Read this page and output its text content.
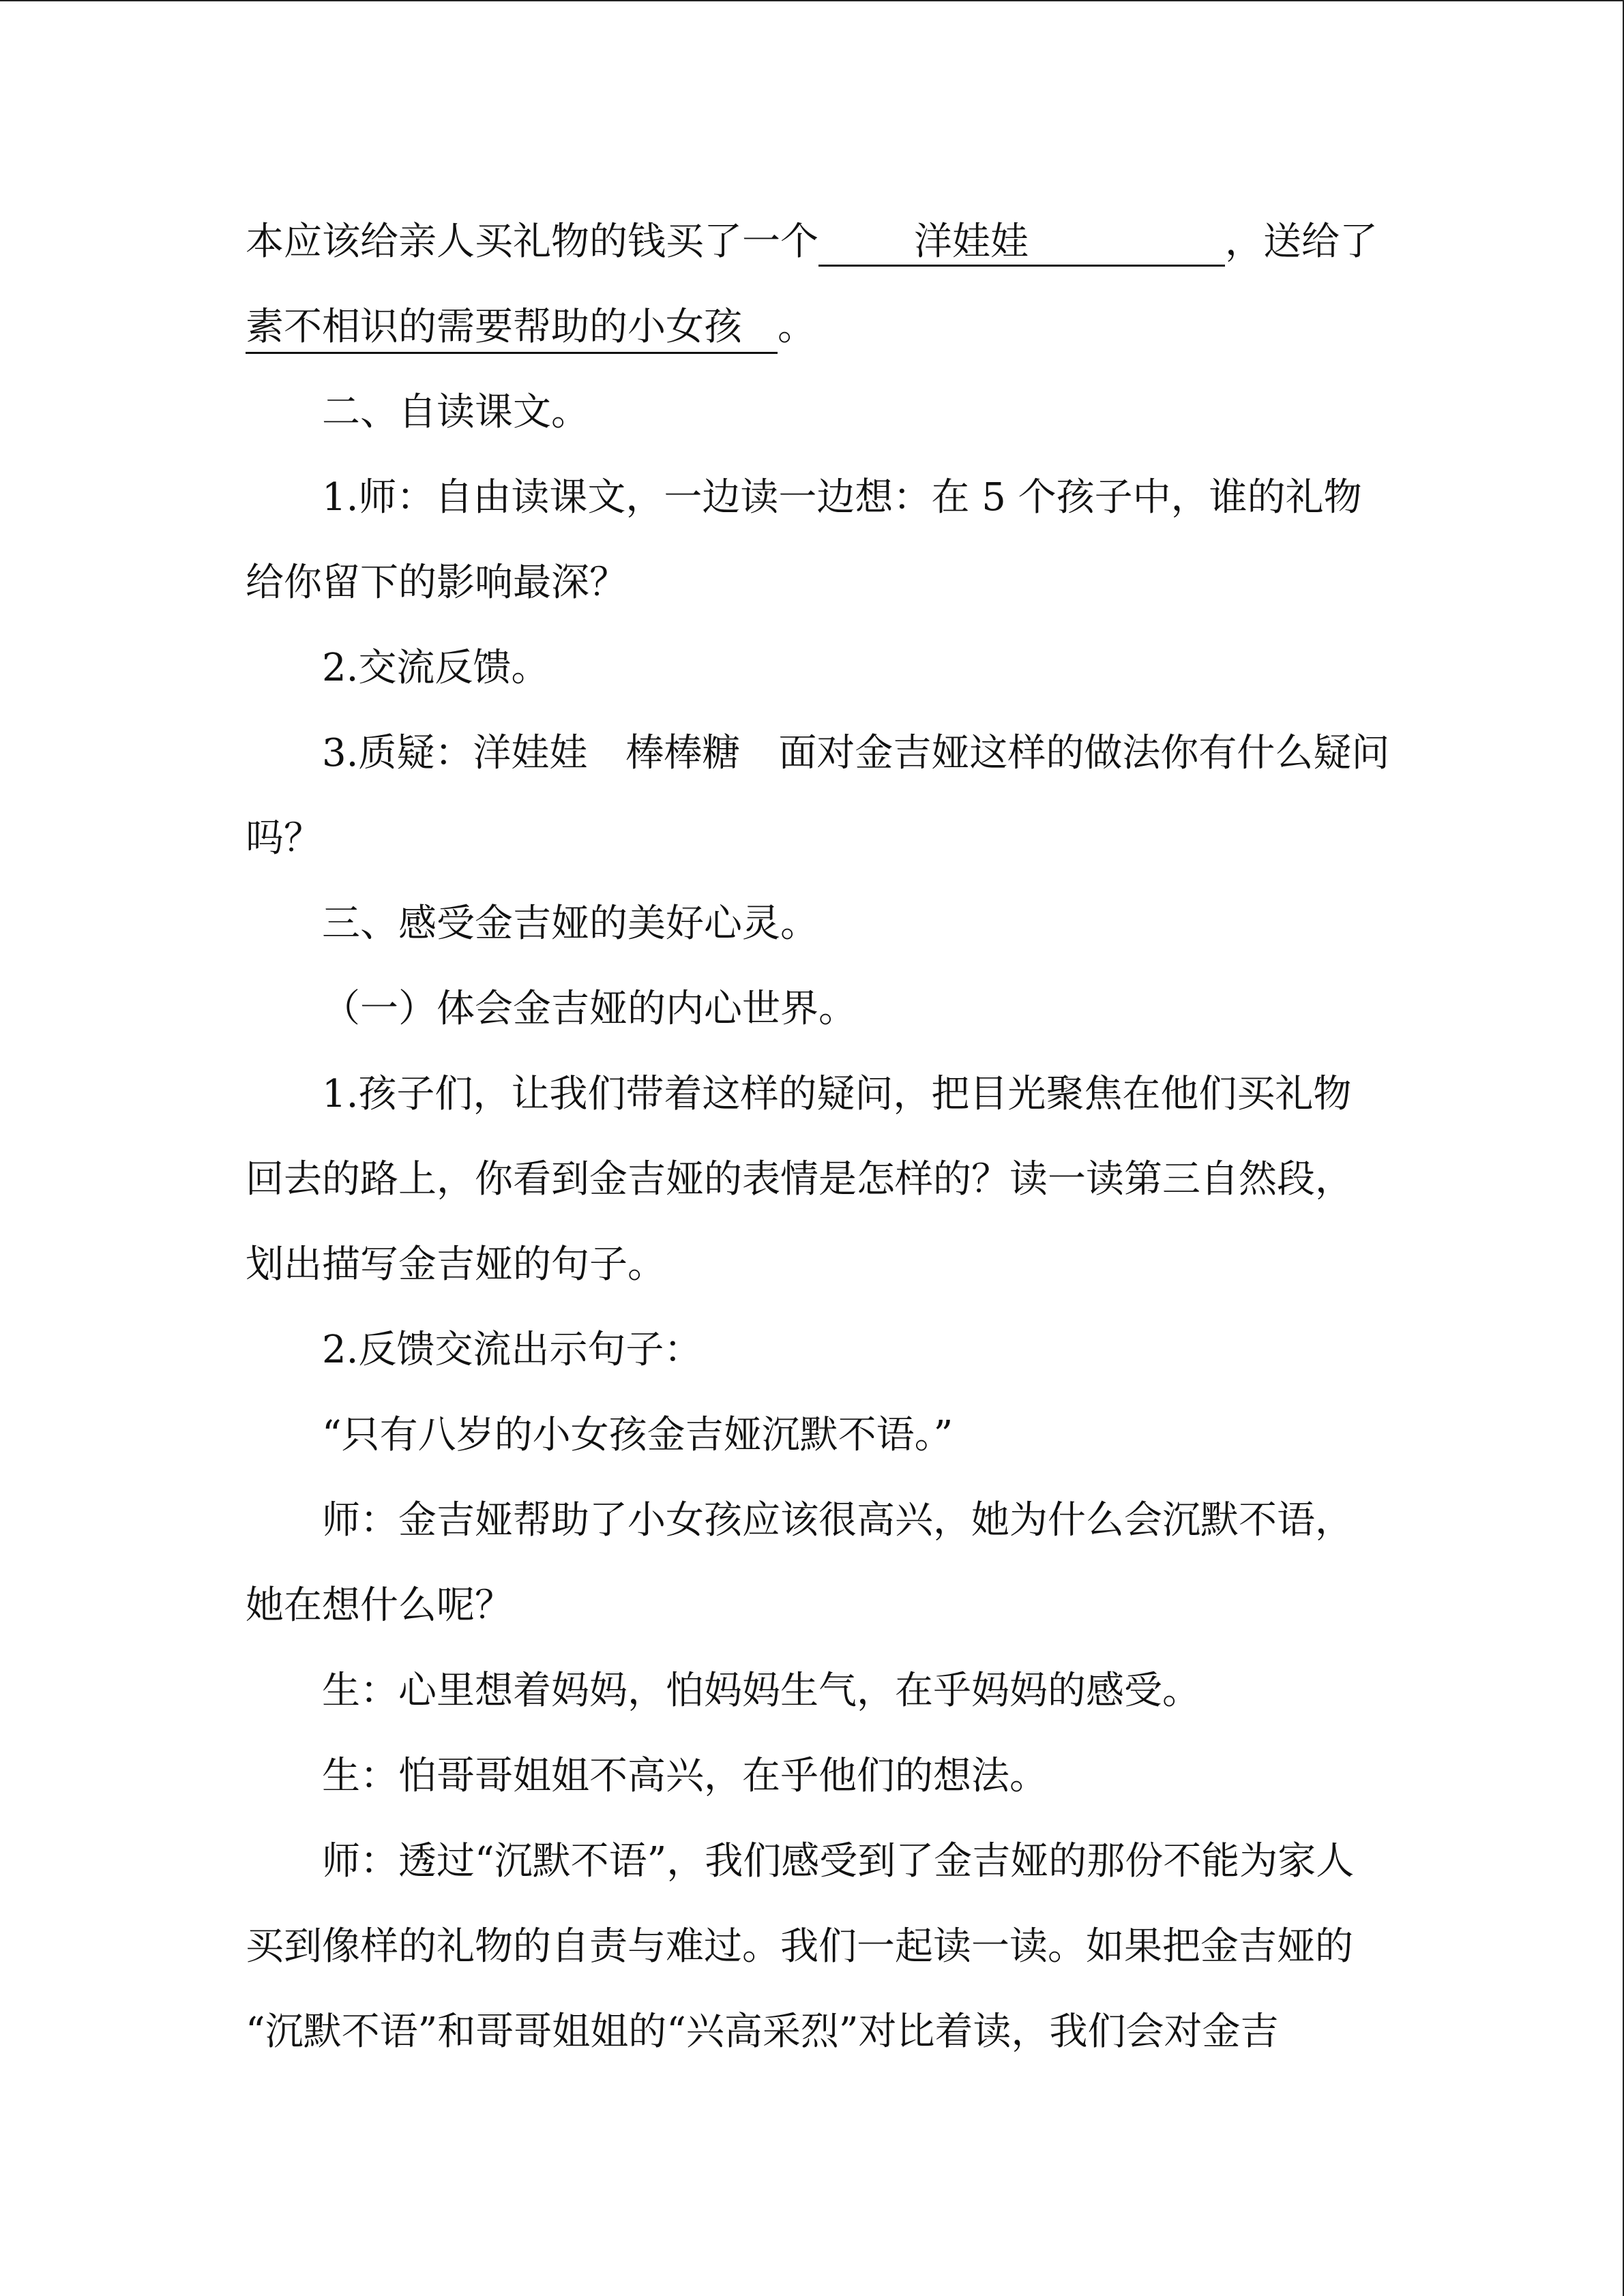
本应该给亲人买礼物的钱买了一个	洋娃娃	，送给了
素不相识的需要帮助的小女孩 。
二、自读课文。
1.师：自由读课文，一边读一边想：在 5 个孩子中，谁的礼物
给你留下的影响最深？
2.交流反馈。
3.质疑：洋娃娃　棒棒糖　面对金吉娅这样的做法你有什么疑问
吗？
三、感受金吉娅的美好心灵。
（一）体会金吉娅的内心世界。
1.孩子们，让我们带着这样的疑问，把目光聚焦在他们买礼物
回去的路上，你看到金吉娅的表情是怎样的？读一读第三自然段，
划出描写金吉娅的句子。
2.反馈交流出示句子：
“只有八岁的小女孩金吉娅沉默不语。”
师：金吉娅帮助了小女孩应该很高兴，她为什么会沉默不语，
她在想什么呢？
生：心里想着妈妈，怕妈妈生气，在乎妈妈的感受。
生：怕哥哥姐姐不高兴，在乎他们的想法。
师：透过“沉默不语”，我们感受到了金吉娅的那份不能为家人
买到像样的礼物的自责与难过。我们一起读一读。如果把金吉娅的
“沉默不语”和哥哥姐姐的“兴高采烈”对比着读，我们会对金吉
